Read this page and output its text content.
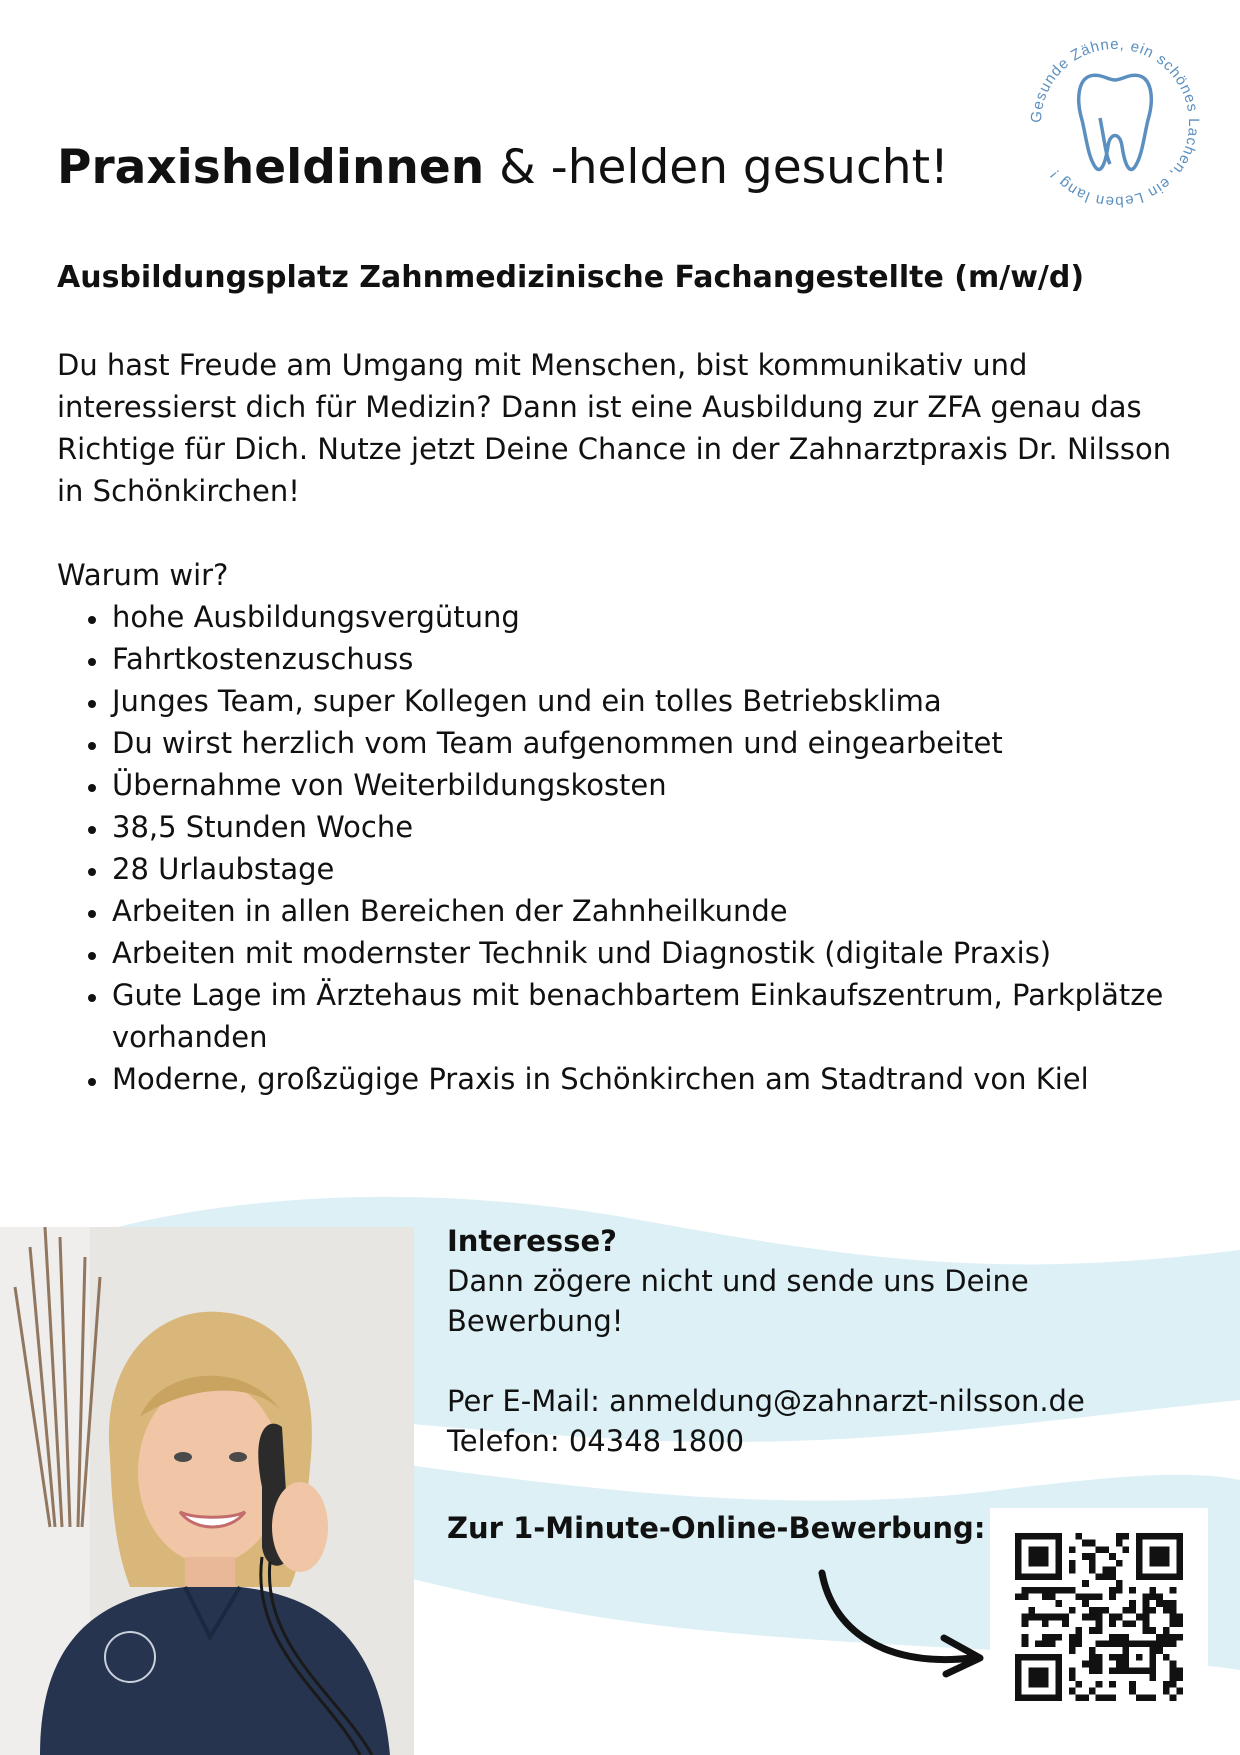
Gesunde Zähne, ein schönes Lachen, ein Leben lang !
Praxisheldinnen & -helden gesucht!
Ausbildungsplatz Zahnmedizinische Fachangestellte (m/w/d)
Du hast Freude am Umgang mit Menschen, bist kommunikativ und interessierst dich für Medizin? Dann ist eine Ausbildung zur ZFA genau das Richtige für Dich. Nutze jetzt Deine Chance in der Zahnarztpraxis Dr. Nilsson in Schönkirchen!
Warum wir?
• hohe Ausbildungsvergütung
• Fahrtkostenzuschuss
• Junges Team, super Kollegen und ein tolles Betriebsklima
• Du wirst herzlich vom Team aufgenommen und eingearbeitet
• Übernahme von Weiterbildungskosten
• 38,5 Stunden Woche
• 28 Urlaubstage
• Arbeiten in allen Bereichen der Zahnheilkunde
• Arbeiten mit modernster Technik und Diagnostik (digitale Praxis)
• Gute Lage im Ärztehaus mit benachbartem Einkaufszentrum, Parkplätze vorhanden
• Moderne, großzügige Praxis in Schönkirchen am Stadtrand von Kiel

Interesse?

Dann zögere nicht und sende uns Deine Bewerbung!

Per E-Mail: anmeldung@zahnarzt-nilsson.de

Telefon: 04348 1800

Zur 1-Minute-Online-Bewerbung:
